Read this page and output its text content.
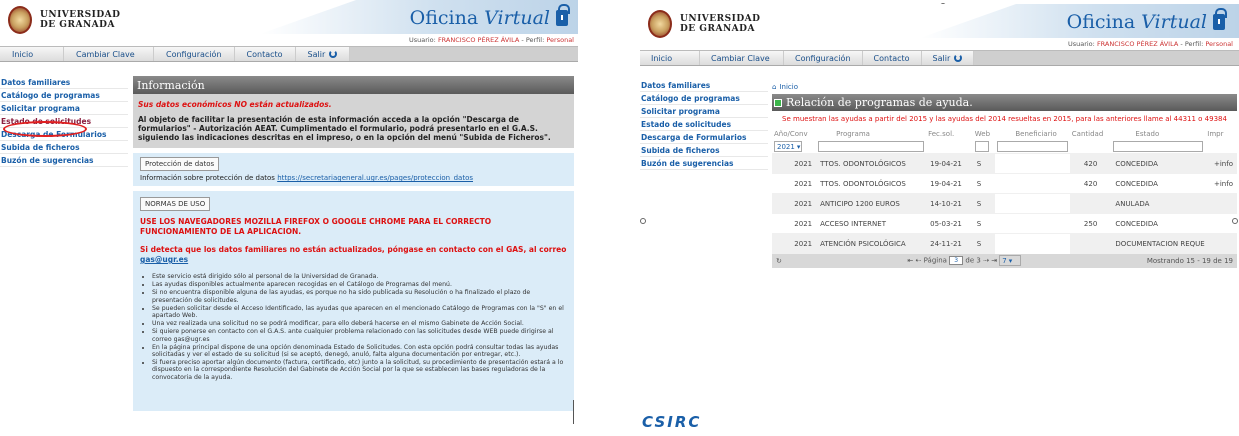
UNIVERSIDAD
DE GRANADA	Oficina Virtual
Usuario: FRANCISCO PÉREZ ÁVILA - Perfil: Personal
Inicio	Cambiar Clave	Configuración	Contacto	Salir
Datos familiares
Catálogo de programas
Solicitar programa
Estado de solicitudes
Descarga de Formularios
Subida de ficheros
Buzón de sugerencias
Información
Sus datos económicos NO están actualizados.
Al objeto de facilitar la presentación de esta información acceda a la opción "Descarga de formularios" - Autorización AEAT. Cumplimentado el formulario, podrá presentarlo en el G.A.S. siguiendo las indicaciones descritas en el impreso, o en la opción del menú "Subida de Ficheros".
Protección de datos
Información sobre protección de datos https://secretariageneral.ugr.es/pages/proteccion_datos
NORMAS DE USO
USE LOS NAVEGADORES MOZILLA FIREFOX O GOOGLE CHROME PARA EL CORRECTO FUNCIONAMIENTO DE LA APLICACION.
Si detecta que los datos familiares no están actualizados, póngase en contacto con el GAS, al correo gas@ugr.es
• Este servicio está dirigido sólo al personal de la Universidad de Granada.
• Las ayudas disponibles actualmente aparecen recogidas en el Catálogo de Programas del menú.
• Si no encuentra disponible alguna de las ayudas, es porque no ha sido publicada su Resolución o ha finalizado el plazo de presentación de solicitudes.
• Se pueden solicitar desde el Acceso Identificado, las ayudas que aparecen en el mencionado Catálogo de Programas con la "S" en el apartado Web.
• Una vez realizada una solicitud no se podrá modificar, para ello deberá hacerse en el mismo Gabinete de Acción Social.
• Si quiere ponerse en contacto con el G.A.S. ante cualquier problema relacionado con las solicitudes desde WEB puede dirigirse al correo gas@ugr.es
• En la página principal dispone de una opción denominada Estado de Solicitudes. Con esta opción podrá consultar todas las ayudas solicitadas y ver el estado de su solicitud (si se aceptó, denegó, anuló, falta alguna documentación por entregar, etc.).
• Si fuera preciso aportar algún documento (factura, certificado, etc) junto a la solicitud, su procedimiento de presentación estará a lo dispuesto en la correspondiente Resolución del Gabinete de Acción Social por la que se establecen las bases reguladoras de la convocatoria de la ayuda.
UNIVERSIDAD
DE GRANADA	Oficina Virtual
Usuario: FRANCISCO PÉREZ ÁVILA - Perfil: Personal
Inicio	Cambiar Clave	Configuración	Contacto	Salir
Datos familiares
Catálogo de programas
Solicitar programa
Estado de solicitudes
Descarga de Formularios
Subida de ficheros
Buzón de sugerencias
⌂ Inicio
Relación de programas de ayuda.
Se muestran las ayudas a partir del 2015 y las ayudas del 2014 resueltas en 2015, para las anteriores llame al 44311 o 49384
Año/Conv	Programa	Fec.sol.	Web	Beneficiario	Cantidad	Estado	Impr

2021 ▾							

2021	TTOS. ODONTOLÓGICOS	19-04-21	S		420	CONCEDIDA	+info
2021	TTOS. ODONTOLÓGICOS	19-04-21	S		420	CONCEDIDA	+info
2021	ANTICIPO 1200 EUROS	14-10-21	S			ANULADA	
2021	ACCESO INTERNET	05-03-21	S		250	CONCEDIDA	
2021	ATENCIÓN PSICOLÓGICA	24-11-21	S			DOCUMENTACION REQUE	
↻	⇤ ⇠ Página 3 de 3 ⇢ ⇥ 7 ▾	Mostrando 15 - 19 de 19
CSIRC
